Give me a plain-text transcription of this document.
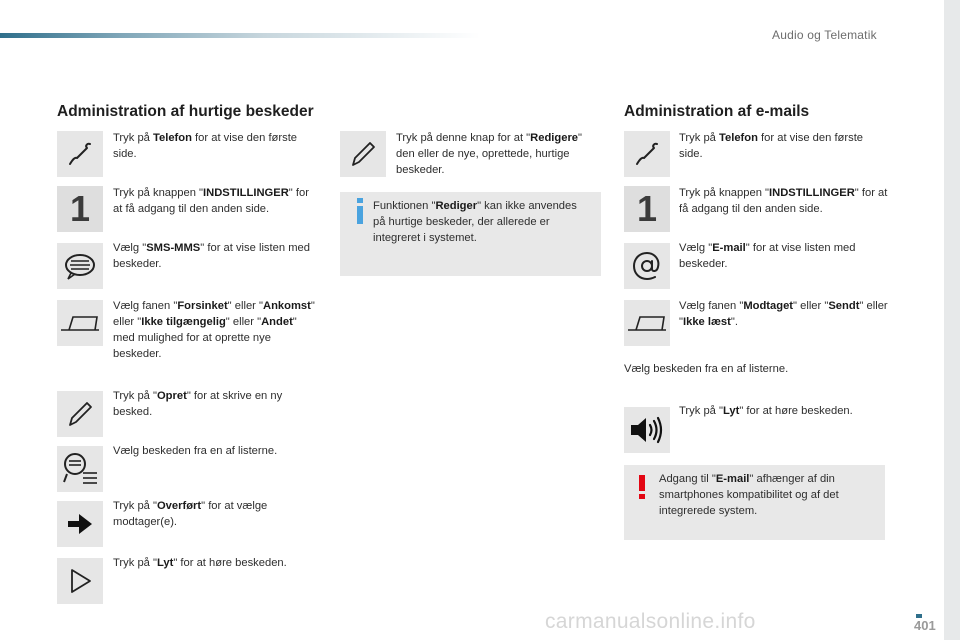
Audio og Telematik
Administration af hurtige beskeder
Tryk på Telefon for at vise den første side.
1 Tryk på knappen "INDSTILLINGER" for at få adgang til den anden side.
Vælg "SMS-MMS" for at vise listen med beskeder.
Vælg fanen "Forsinket" eller "Ankomst" eller "Ikke tilgængelig" eller "Andet" med mulighed for at oprette nye beskeder.
Tryk på "Opret" for at skrive en ny besked.
Vælg beskeden fra en af listerne.
Tryk på "Overført" for at vælge modtager(e).
Tryk på "Lyt" for at høre beskeden.
Tryk på denne knap for at "Redigere" den eller de nye, oprettede, hurtige beskeder.
Funktionen "Rediger" kan ikke anvendes på hurtige beskeder, der allerede er integreret i systemet.
Administration af e-mails
Tryk på Telefon for at vise den første side.
1 Tryk på knappen "INDSTILLINGER" for at få adgang til den anden side.
Vælg "E-mail" for at vise listen med beskeder.
Vælg fanen "Modtaget" eller "Sendt" eller "Ikke læst".
Vælg beskeden fra en af listerne.
Tryk på "Lyt" for at høre beskeden.
Adgang til "E-mail" afhænger af din smartphones kompatibilitet og af det integrerede system.
carmanualsonline.info	401
